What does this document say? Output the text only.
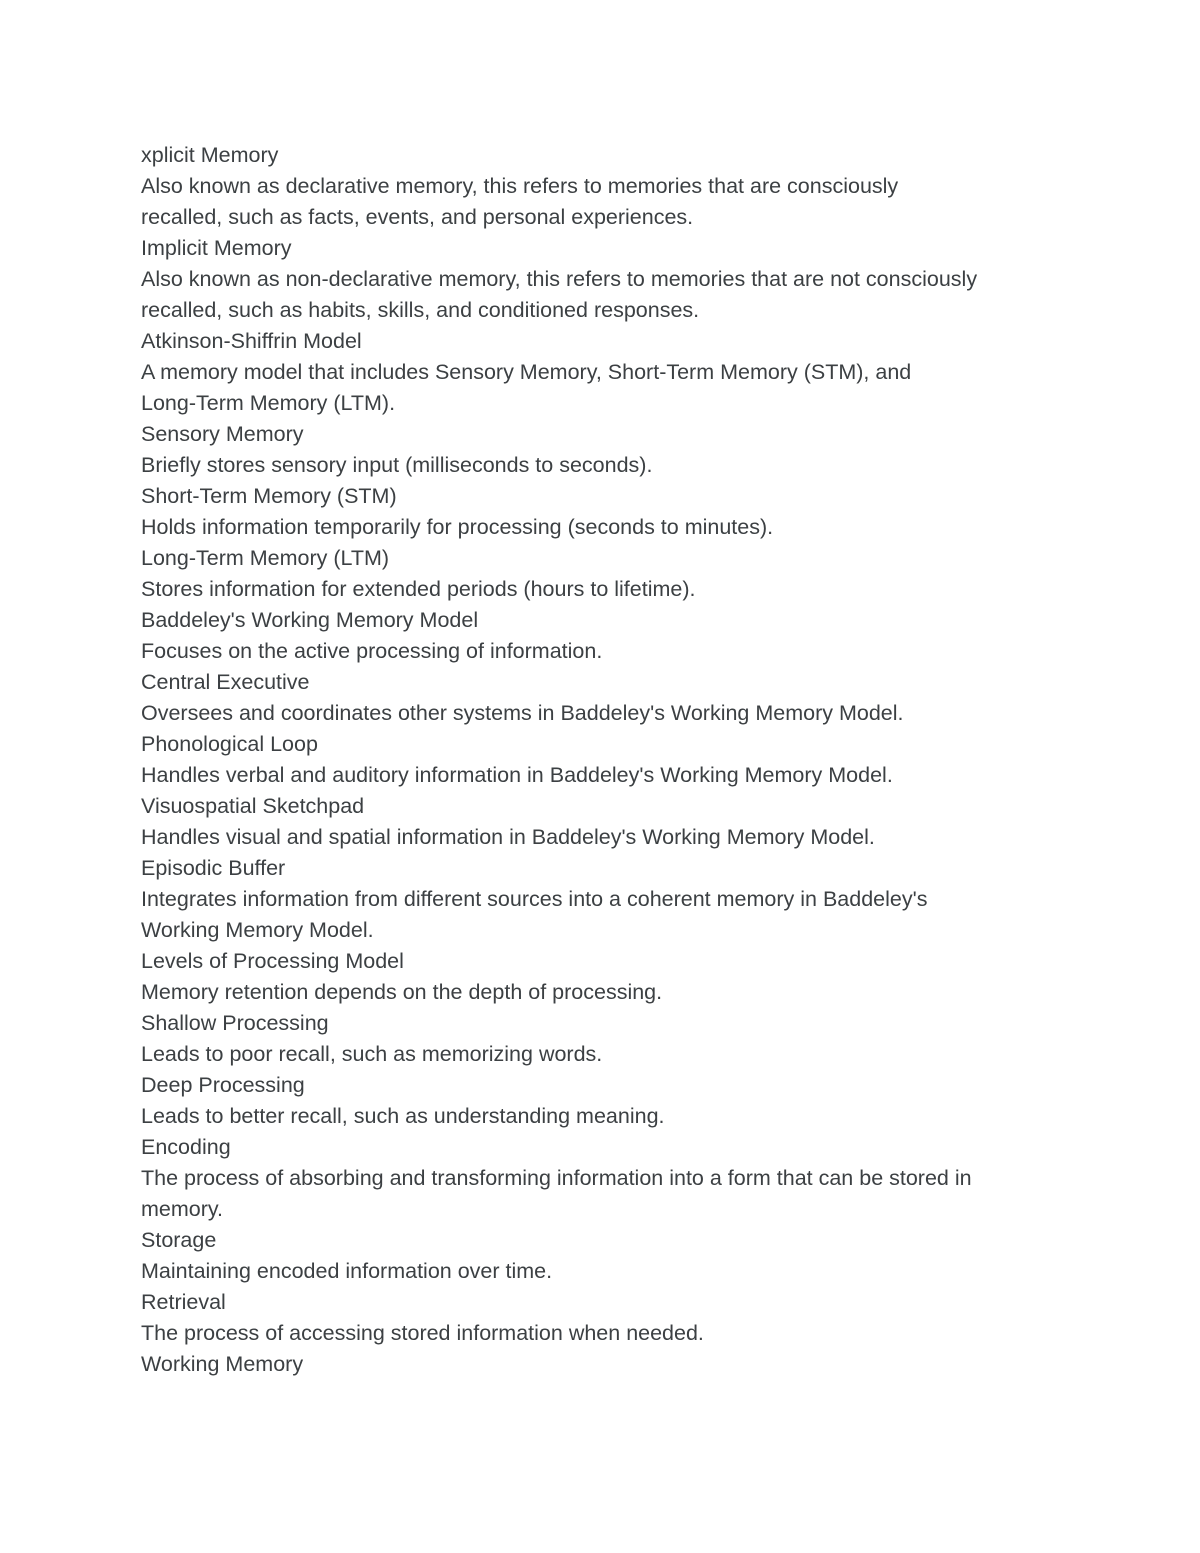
xplicit Memory
Also known as declarative memory, this refers to memories that are consciously
recalled, such as facts, events, and personal experiences.
Implicit Memory
Also known as non-declarative memory, this refers to memories that are not consciously
recalled, such as habits, skills, and conditioned responses.
Atkinson-Shiffrin Model
A memory model that includes Sensory Memory, Short-Term Memory (STM), and
Long-Term Memory (LTM).
Sensory Memory
Briefly stores sensory input (milliseconds to seconds).
Short-Term Memory (STM)
Holds information temporarily for processing (seconds to minutes).
Long-Term Memory (LTM)
Stores information for extended periods (hours to lifetime).
Baddeley's Working Memory Model
Focuses on the active processing of information.
Central Executive
Oversees and coordinates other systems in Baddeley's Working Memory Model.
Phonological Loop
Handles verbal and auditory information in Baddeley's Working Memory Model.
Visuospatial Sketchpad
Handles visual and spatial information in Baddeley's Working Memory Model.
Episodic Buffer
Integrates information from different sources into a coherent memory in Baddeley's
Working Memory Model.
Levels of Processing Model
Memory retention depends on the depth of processing.
Shallow Processing
Leads to poor recall, such as memorizing words.
Deep Processing
Leads to better recall, such as understanding meaning.
Encoding
The process of absorbing and transforming information into a form that can be stored in
memory.
Storage
Maintaining encoded information over time.
Retrieval
The process of accessing stored information when needed.
Working Memory
